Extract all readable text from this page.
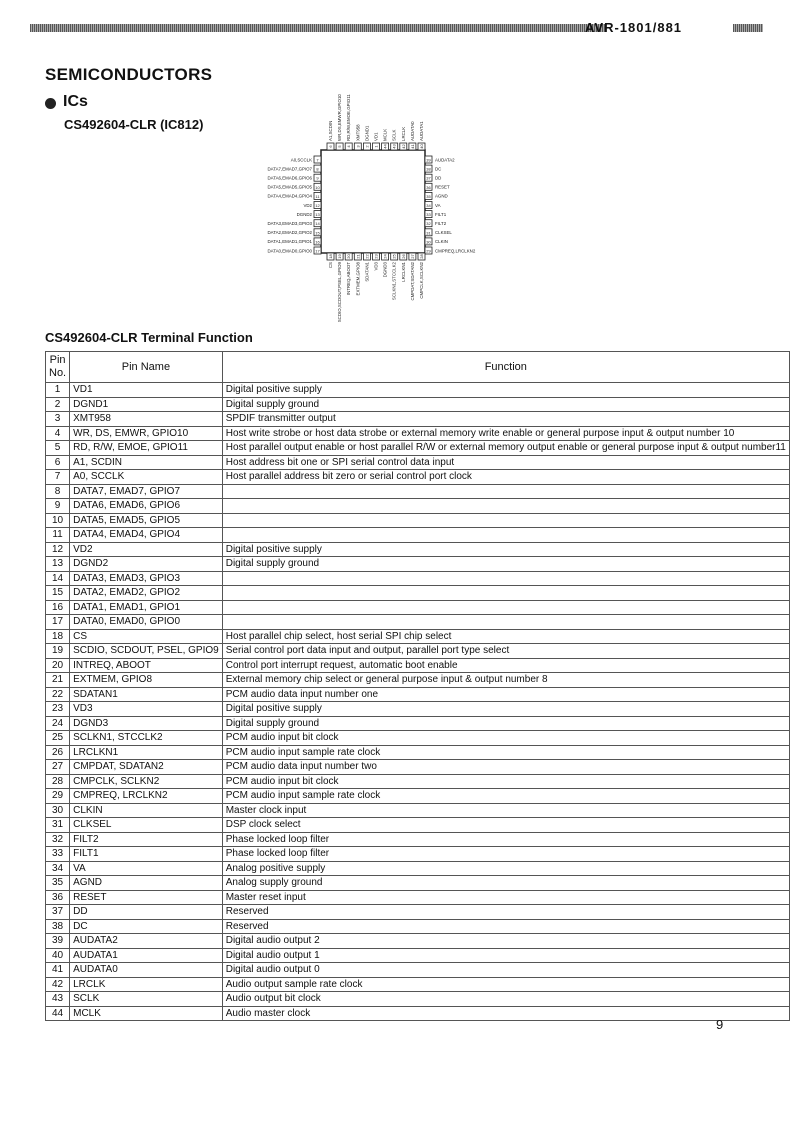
AVR-1801/881
SEMICONDUCTORS
ICs
CS492604-CLR (IC812)
7
A0,SCCLK	39 AUDATA2
6
A1,SCDIN
18
CS
8
DATA7,EMAD7,GPIO7	38 DC
5
WR,DS,EMWR,GPIO10
19
SCDIO,SCDOUT,PSEL,GPIO9
9
DATA6,EMAD6,GPIO6	37 DD
4
RD,R/W,EMOE,GPIO11
20
INTREQ,ABOOT
10
DATA5,EMAD5,GPIO5	36 RESET
3
XMT958
21
EXTMEM,GPIO8
11
DATA4,EMAD4,GPIO4	35 AGND
2
DGND1
22
SDATAN1
12
VD2	34 VA
1
VD1
23
VD3
13
DGND2	33 FILT1
44
MCLK
24
DGND3
14
DATA3,EMAD3,GPIO3	32 FILT2
43
SCLK
25
SCLKN1,STCCLK2
15
DATA2,EMAD2,GPIO2	31 CLKSEL
42
LRCLK
26
LRCLKN1
16
DATA1,EMAD1,GPIO1	30 CLKIN
41
AUDATA0
27
CMPDAT,SDATAN2
17
DATA0,EMAD0,GPIO0	29 CMPREQ,LRCLKN2
40
AUDATA1
28
CMPCLK,SCLKN2
CS492604-CLR Terminal Function
Pin
No.	Pin Name	Function
1	VD1	Digital positive supply
2	DGND1	Digital supply ground
3	XMT958	SPDIF transmitter output
4	WR, DS, EMWR, GPIO10	Host write strobe or host data strobe or external memory write enable or general purpose input & output number 10
5	RD, R/W, EMOE, GPIO11	Host parallel output enable or host parallel R/W or external memory output enable or general purpose input & output number11
6	A1, SCDIN	Host address bit one or SPI serial control data input
7	A0, SCCLK	Host parallel address bit zero or serial control port clock
8	DATA7, EMAD7, GPIO7	
9	DATA6, EMAD6, GPIO6	
10	DATA5, EMAD5, GPIO5	
11	DATA4, EMAD4, GPIO4	
12	VD2	Digital positive supply
13	DGND2	Digital supply ground
14	DATA3, EMAD3, GPIO3	
15	DATA2, EMAD2, GPIO2	
16	DATA1, EMAD1, GPIO1	
17	DATA0, EMAD0, GPIO0	
18	CS	Host parallel chip select, host serial SPI chip select
19	SCDIO, SCDOUT, PSEL, GPIO9	Serial control port data input and output, parallel port type select
20	INTREQ, ABOOT	Control port interrupt request, automatic boot enable
21	EXTMEM, GPIO8	External memory chip select or general purpose input & output number 8
22	SDATAN1	PCM audio data input number one
23	VD3	Digital positive supply
24	DGND3	Digital supply ground
25	SCLKN1, STCCLK2	PCM audio input bit clock
26	LRCLKN1	PCM audio input sample rate clock
27	CMPDAT, SDATAN2	PCM audio data input number two
28	CMPCLK, SCLKN2	PCM audio input bit clock
29	CMPREQ, LRCLKN2	PCM audio input sample rate clock
30	CLKIN	Master clock input
31	CLKSEL	DSP clock select
32	FILT2	Phase locked loop filter
33	FILT1	Phase locked loop filter
34	VA	Analog positive supply
35	AGND	Analog supply ground
36	RESET	Master reset input
37	DD	Reserved
38	DC	Reserved
39	AUDATA2	Digital audio output 2
40	AUDATA1	Digital audio output 1
41	AUDATA0	Digital audio output 0
42	LRCLK	Audio output sample rate clock
43	SCLK	Audio output bit clock
44	MCLK	Audio master clock
9
